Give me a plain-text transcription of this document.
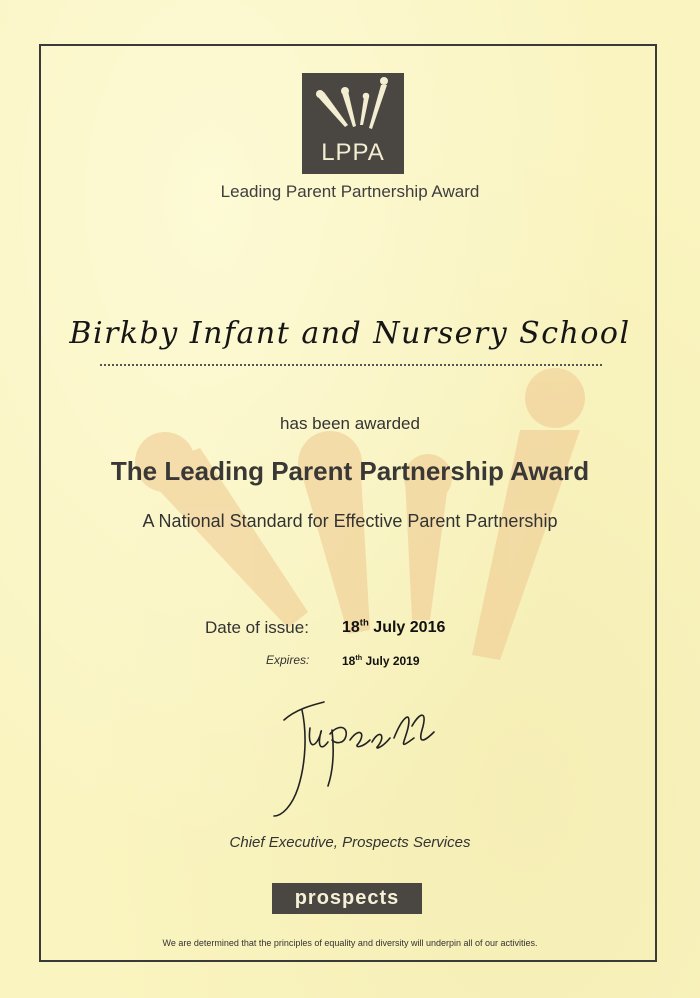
LPPA
Leading Parent Partnership Award
Birkby Infant and Nursery School
has been awarded
The Leading Parent Partnership Award
A National Standard for Effective Parent Partnership
Date of issue: 18th July 2016
Expires:	18th July 2019
Chief Executive, Prospects Services
prospects
We are determined that the principles of equality and diversity will underpin all of our activities.
